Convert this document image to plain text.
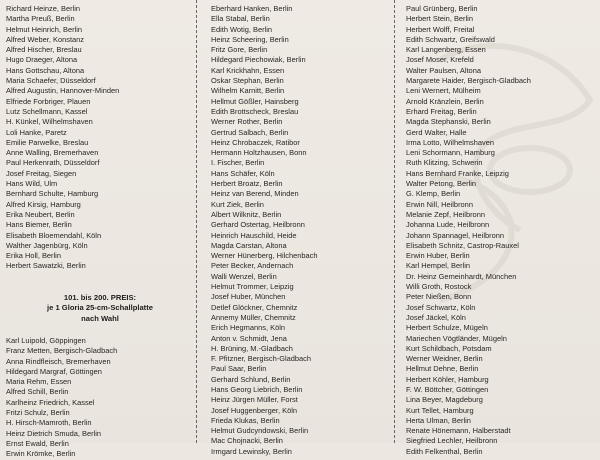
Richard Heinze, Berlin
Martha Preuß, Berlin
Helmut Heinrich, Berlin
Alfred Weber, Konstanz
Alfred Hischer, Breslau
Hugo Draeger, Altona
Hans Gottschau, Altona
Maria Schaefer, Düsseldorf
Alfred Augustin, Hannover-Minden
Elfriede Forbriger, Plauen
Lutz Schellmann, Kassel
H. Künkel, Wilhelmshaven
Loli Hanke, Paretz
Emilie Parwelke, Breslau
Anne Walling, Bremerhaven
Paul Herkenrath, Düsseldorf
Josef Freitag, Siegen
Hans Wild, Ulm
Bernhard Schulte, Hamburg
Alfred Kirsig, Hamburg
Erika Neubert, Berlin
Hans Biemer, Berlin
Elisabeth Bloemendahl, Köln
Walther Jagenbürg, Köln
Erika Holl, Berlin
Herbert Sawatzki, Berlin
101. bis 200. PREIS:
je 1 Gloria 25-cm-Schallplatte
nach Wahl
Karl Luipold, Göppingen
Franz Metten, Bergisch-Gladbach
Anna Rindfleisch, Bremerhaven
Hildegard Margraf, Göttingen
Maria Rehm, Essen
Alfred Schill, Berlin
Karlheinz Friedrich, Kassel
Fritzi Schulz, Berlin
H. Hirsch-Mamroth, Berlin
Heinz Dietrich Smuda, Berlin
Ernst Ewald, Berlin
Erwin Krömke, Berlin
Eberhard Hanken, Berlin
Ella Stabal, Berlin
Edith Wotig, Berlin
Heinz Scheering, Berlin
Fritz Gore, Berlin
Hildegard Piechowiak, Berlin
Karl Krickhahn, Essen
Oskar Stephan, Berlin
Wilhelm Karnitt, Berlin
Hellmut Gößler, Hainsberg
Edith Brottscheck, Breslau
Werner Rother, Berlin
Gertrud Salbach, Berlin
Heinz Chrobaczek, Ratibor
Hermann Holtzhausen, Bonn
I. Fischer, Berlin
Hans Schäfer, Köln
Herbert Broatz, Berlin
Heinz van Berend, Minden
Kurt Ziek, Berlin
Albert Wilknitz, Berlin
Gerhard Ostertag, Heilbronn
Heinrich Hauschild, Heide
Magda Carstan, Altona
Werner Hünerberg, Hilchenbach
Peter Becker, Andernach
Walli Wenzel, Berlin
Helmut Trommer, Leipzig
Josef Huber, München
Detlef Glöckner, Chemnitz
Annemy Müller, Chemnitz
Erich Hegmanns, Köln
Anton v. Schmidt, Jena
H. Brüning, M.-Gladbach
F. Pfitzner, Bergisch-Gladbach
Paul Saar, Berlin
Gerhard Schlund, Berlin
Hans Georg Liebrich, Berlin
Heinz Jürgen Müller, Forst
Josef Huggenberger, Köln
Frieda Klukas, Berlin
Helmut Gudcyndowski, Berlin
Mac Chojnacki, Berlin
Irmgard Lewinsky, Berlin
Paul Grünberg, Berlin
Herbert Stein, Berlin
Herbert Wolff, Freital
Edith Schwartz, Greifswald
Karl Langenberg, Essen
Josef Moser, Krefeld
Walter Paulsen, Altona
Margarete Haider, Bergisch-Gladbach
Leni Wernert, Mülheim
Arnold Kränzlein, Berlin
Erhard Freitag, Berlin
Magda Stephanski, Berlin
Gerd Walter, Halle
Irma Lotto, Wilhelmshaven
Leni Schormann, Hamburg
Ruth Klitzing, Schwerin
Hans Bernhard Franke, Leipzig
Walter Petong, Berlin
G. Klemp, Berlin
Erwin Nill, Heilbronn
Melanie Zepf, Heilbronn
Johanna Lude, Heilbronn
Johann Spannagel, Heilbronn
Elisabeth Schnitz, Castrop-Rauxel
Erwin Huber, Berlin
Karl Hempel, Berlin
Dr. Heinz Gemeinhardt, München
Willi Groth, Rostock
Peter Nießen, Bonn
Josef Schwartz, Köln
Josef Jäckel, Köln
Herbert Schulze, Mügeln
Mariechen Vögtländer, Mügeln
Kurt Schildbach, Potsdam
Werner Weidner, Berlin
Hellmut Dehne, Berlin
Herbert Köhler, Hamburg
F. W. Böttcher, Göttingen
Lina Beyer, Magdeburg
Kurt Tellet, Hamburg
Herta Ulman, Berlin
Renate Hönemann, Halberstadt
Siegfried Lechler, Heilbronn
Edith Felkenthal, Berlin
